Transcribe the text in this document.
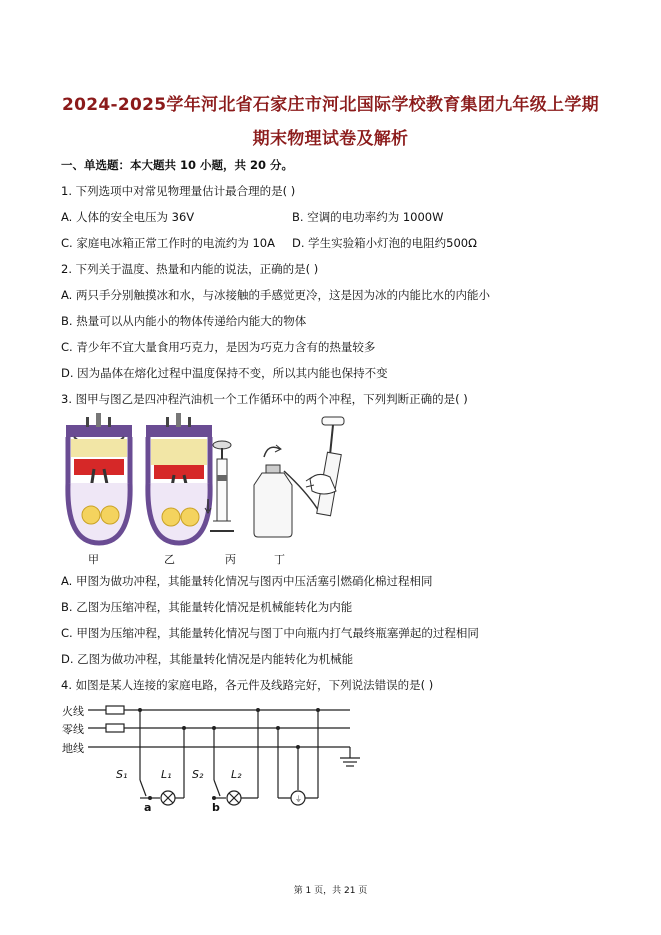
2024-2025学年河北省石家庄市河北国际学校教育集团九年级上学期
期末物理试卷及解析
一、单选题：本大题共 10 小题，共 20 分。
1. 下列选项中对常见物理量估计最合理的是( )
A. 人体的安全电压为 36V	B. 空调的电功率约为 1000W
C. 家庭电冰箱正常工作时的电流约为 10A D. 学生实验箱小灯泡的电阻约500Ω
2. 下列关于温度、热量和内能的说法，正确的是( )
A. 两只手分别触摸冰和水，与冰接触的手感觉更冷，这是因为冰的内能比水的内能小
B. 热量可以从内能小的物体传递给内能大的物体
C. 青少年不宜大量食用巧克力，是因为巧克力含有的热量较多
D. 因为晶体在熔化过程中温度保持不变，所以其内能也保持不变
3. 图甲与图乙是四冲程汽油机一个工作循环中的两个冲程，下列判断正确的是( )
甲	乙	丙	丁
A. 甲图为做功冲程，其能量转化情况与图丙中压活塞引燃硝化棉过程相同
B. 乙图为压缩冲程，其能量转化情况是机械能转化为内能
C. 甲图为压缩冲程，其能量转化情况与图丁中向瓶内打气最终瓶塞弹起的过程相同
D. 乙图为做功冲程，其能量转化情况是内能转化为机械能
4. 如图是某人连接的家庭电路，各元件及线路完好，下列说法错误的是( )
火线
零线
地线
⏚
S₁	L₁ S₂	L₂
a	b
第 1 页，共 21 页
